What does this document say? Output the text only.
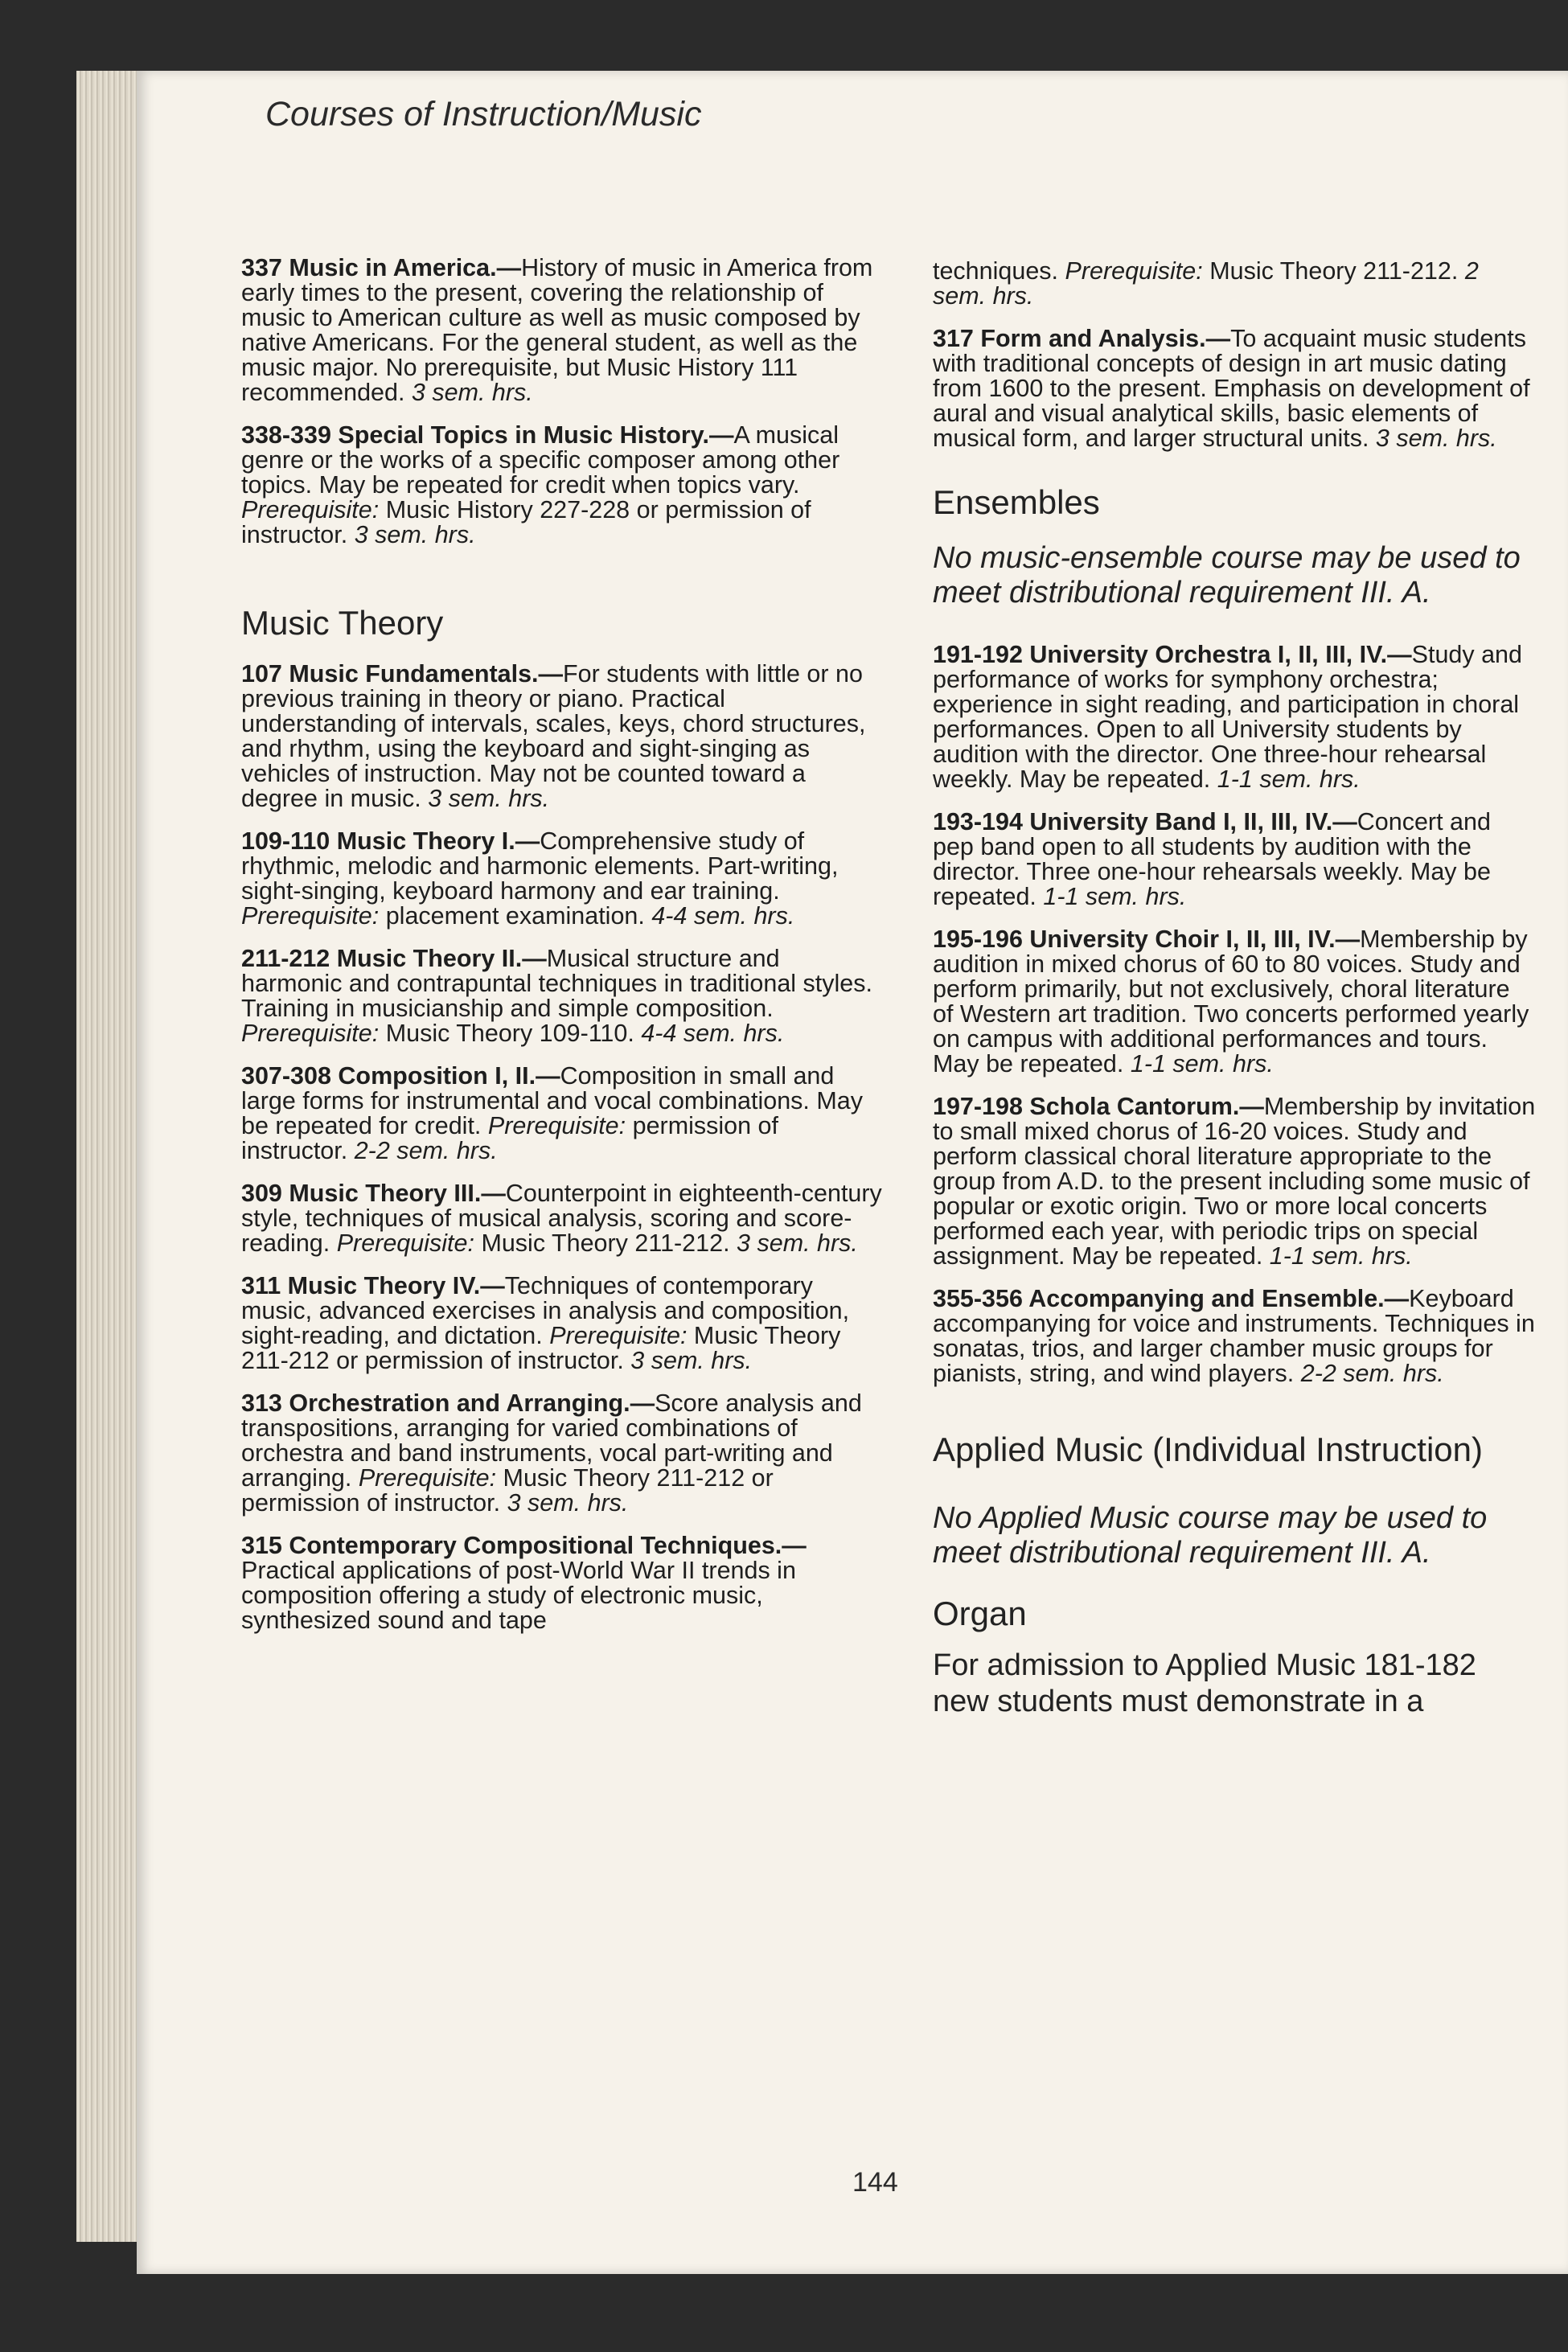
Courses of Instruction/Music

337 Music in America.—History of music in America from early times to the present, covering the relationship of music to American culture as well as music composed by native Americans. For the general student, as well as the music major. No prerequisite, but Music History 111 recommended. 3 sem. hrs.

338-339 Special Topics in Music History.—A musical genre or the works of a specific composer among other topics. May be repeated for credit when topics vary. Prerequisite: Music History 227-228 or permission of instructor. 3 sem. hrs.

Music Theory

107 Music Fundamentals.—For students with little or no previous training in theory or piano. Practical understanding of intervals, scales, keys, chord structures, and rhythm, using the keyboard and sight-singing as vehicles of instruction. May not be counted toward a degree in music. 3 sem. hrs.

109-110 Music Theory I.—Comprehensive study of rhythmic, melodic and harmonic elements. Part-writing, sight-singing, keyboard harmony and ear training. Prerequisite: placement examination. 4-4 sem. hrs.

211-212 Music Theory II.—Musical structure and harmonic and contrapuntal techniques in traditional styles. Training in musicianship and simple composition. Prerequisite: Music Theory 109-110. 4-4 sem. hrs.

307-308 Composition I, II.—Composition in small and large forms for instrumental and vocal combinations. May be repeated for credit. Prerequisite: permission of instructor. 2-2 sem. hrs.

309 Music Theory III.—Counterpoint in eighteenth-century style, techniques of musical analysis, scoring and score-reading. Prerequisite: Music Theory 211-212. 3 sem. hrs.

311 Music Theory IV.—Techniques of contemporary music, advanced exercises in analysis and composition, sight-reading, and dictation. Prerequisite: Music Theory 211-212 or permission of instructor. 3 sem. hrs.

313 Orchestration and Arranging.—Score analysis and transpositions, arranging for varied combinations of orchestra and band instruments, vocal part-writing and arranging. Prerequisite: Music Theory 211-212 or permission of instructor. 3 sem. hrs.

315 Contemporary Compositional Techniques.—Practical applications of post-World War II trends in composition offering a study of electronic music, synthesized sound and tape

techniques. Prerequisite: Music Theory 211-212. 2 sem. hrs.

317 Form and Analysis.—To acquaint music students with traditional concepts of design in art music dating from 1600 to the present. Emphasis on development of aural and visual analytical skills, basic elements of musical form, and larger structural units. 3 sem. hrs.

Ensembles

No music-ensemble course may be used to meet distributional requirement III. A.

191-192 University Orchestra I, II, III, IV.—Study and performance of works for symphony orchestra; experience in sight reading, and participation in choral performances. Open to all University students by audition with the director. One three-hour rehearsal weekly. May be repeated. 1-1 sem. hrs.

193-194 University Band I, II, III, IV.—Concert and pep band open to all students by audition with the director. Three one-hour rehearsals weekly. May be repeated. 1-1 sem. hrs.

195-196 University Choir I, II, III, IV.—Membership by audition in mixed chorus of 60 to 80 voices. Study and perform primarily, but not exclusively, choral literature of Western art tradition. Two concerts performed yearly on campus with additional performances and tours. May be repeated. 1-1 sem. hrs.

197-198 Schola Cantorum.—Membership by invitation to small mixed chorus of 16-20 voices. Study and perform classical choral literature appropriate to the group from A.D. to the present including some music of popular or exotic origin. Two or more local concerts performed each year, with periodic trips on special assignment. May be repeated. 1-1 sem. hrs.

355-356 Accompanying and Ensemble.—Keyboard accompanying for voice and instruments. Techniques in sonatas, trios, and larger chamber music groups for pianists, string, and wind players. 2-2 sem. hrs.

Applied Music (Individual Instruction)

No Applied Music course may be used to meet distributional requirement III. A.

Organ

For admission to Applied Music 181-182 new students must demonstrate in a

144
